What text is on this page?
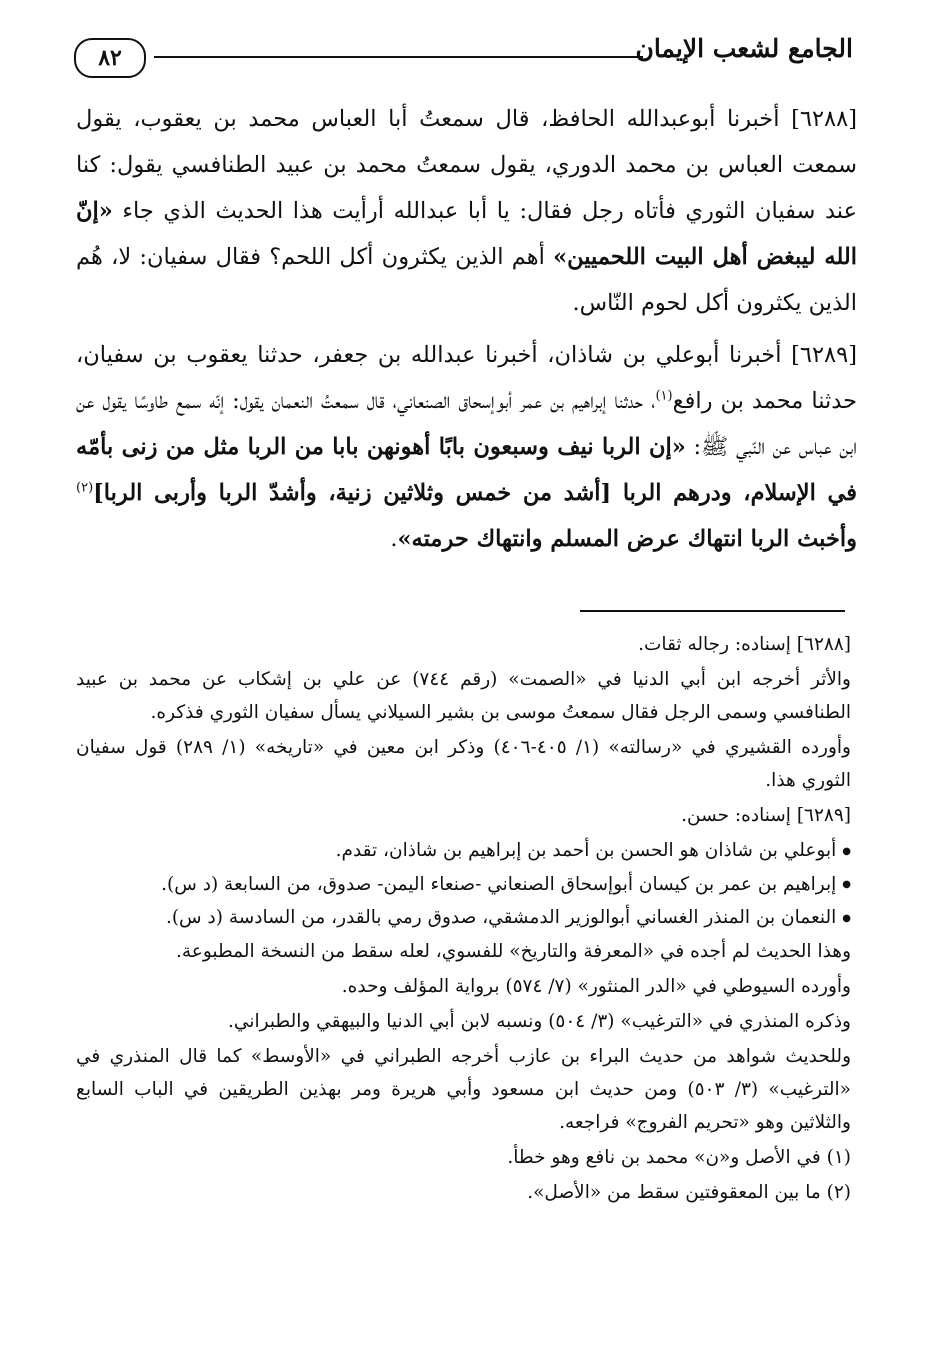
٨٢	الجامع لشعب الإيمان

[٦٢٨٨] أخبرنا أبوعبدالله الحافظ، قال سمعتُ أبا العباس محمد بن يعقوب، يقول سمعت العباس بن محمد الدوري، يقول سمعتُ محمد بن عبيد الطنافسي يقول: كنا عند سفيان الثوري فأتاه رجل فقال: يا أبا عبدالله أرأيت هذا الحديث الذي جاء «إنّ الله ليبغض أهل البيت اللحميين» أهم الذين يكثرون أكل اللحم؟ فقال سفيان: لا، هُم الذين يكثرون أكل لحوم النّاس.

[٦٢٨٩] أخبرنا أبوعلي بن شاذان، أخبرنا عبدالله بن جعفر، حدثنا يعقوب بن سفيان، حدثنا محمد بن رافع$^{(١)}$، حدثنا إبراهيم بن عمر أبوإسحاق الصنعاني، قال سمعتُ النعمان يقول: إنّه سمع طاوسًا يقول عن ابن عباس عن النّبي ﷺ: «إن الربا نيف وسبعون بابًا أهونهن بابا من الربا مثل من زنى بأمّه في الإسلام، ودرهم الربا [أشد من خمس وثلاثين زنية، وأشدّ الربا وأربى الربا]$^{(٢)}$ وأخبث الربا انتهاك عرض المسلم وانتهاك حرمته».

[٦٢٨٨] إسناده: رجاله ثقات.

والأثر أخرجه ابن أبي الدنيا في «الصمت» (رقم ٧٤٤) عن علي بن إشكاب عن محمد بن عبيد الطنافسي وسمى الرجل فقال سمعتُ موسى بن بشير السيلاني يسأل سفيان الثوري فذكره.

وأورده القشيري في «رسالته» (١/ ٤٠٥-٤٠٦) وذكر ابن معين في «تاريخه» (١/ ٢٨٩) قول سفيان الثوري هذا.

[٦٢٨٩] إسناده: حسن.

● أبوعلي بن شاذان هو الحسن بن أحمد بن إبراهيم بن شاذان، تقدم.
● إبراهيم بن عمر بن كيسان أبوإسحاق الصنعاني -صنعاء اليمن- صدوق، من السابعة (د س).
● النعمان بن المنذر الغساني أبوالوزير الدمشقي، صدوق رمي بالقدر، من السادسة (د س).

وهذا الحديث لم أجده في «المعرفة والتاريخ» للفسوي، لعله سقط من النسخة المطبوعة.

وأورده السيوطي في «الدر المنثور» (٧/ ٥٧٤) برواية المؤلف وحده.

وذكره المنذري في «الترغيب» (٣/ ٥٠٤) ونسبه لابن أبي الدنيا والبيهقي والطبراني.

وللحديث شواهد من حديث البراء بن عازب أخرجه الطبراني في «الأوسط» كما قال المنذري في «الترغيب» (٣/ ٥٠٣) ومن حديث ابن مسعود وأبي هريرة ومر بهذين الطريقين في الباب السابع والثلاثين وهو «تحريم الفروج» فراجعه.

(١) في الأصل و«ن» محمد بن نافع وهو خطأ.

(٢) ما بين المعقوفتين سقط من «الأصل».
